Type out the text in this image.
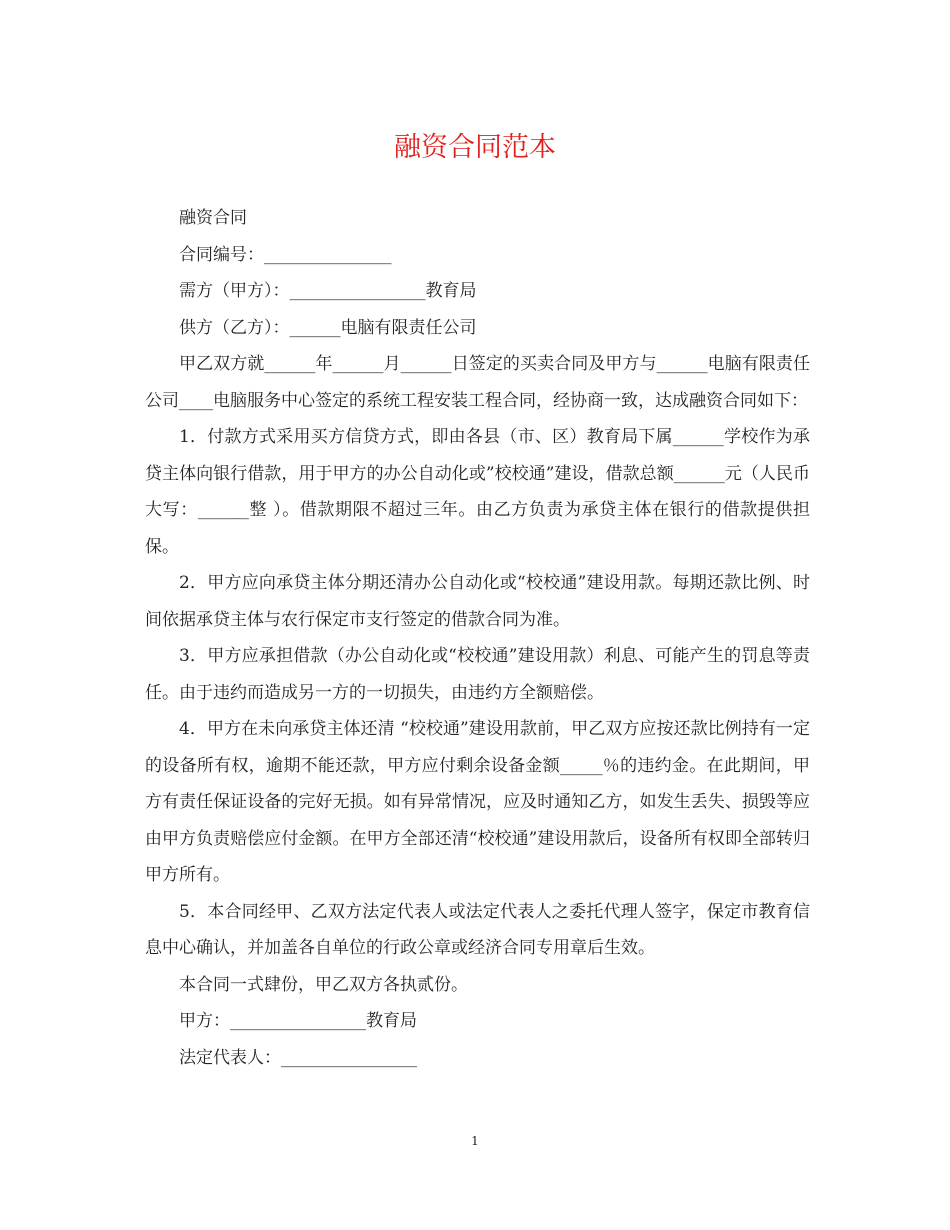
融资合同范本

融资合同

合同编号：_______________

需方（甲方）：________________教育局

供方（乙方）：______电脑有限责任公司

甲乙双方就______年______月______日签定的买卖合同及甲方与______电脑有限责任公司____电脑服务中心签定的系统工程安装工程合同，经协商一致，达成融资合同如下：

1．付款方式采用买方信贷方式，即由各县（市、区）教育局下属______学校作为承贷主体向银行借款，用于甲方的办公自动化或”校校通”建设，借款总额______元（人民币大写：______整 ）。借款期限不超过三年。由乙方负责为承贷主体在银行的借款提供担保。

2．甲方应向承贷主体分期还清办公自动化或“校校通”建设用款。每期还款比例、时间依据承贷主体与农行保定市支行签定的借款合同为准。

3．甲方应承担借款（办公自动化或“校校通”建设用款）利息、可能产生的罚息等责任。由于违约而造成另一方的一切损失，由违约方全额赔偿。

4．甲方在未向承贷主体还清 “校校通”建设用款前，甲乙双方应按还款比例持有一定的设备所有权，逾期不能还款，甲方应付剩余设备金额_____％的违约金。在此期间，甲方有责任保证设备的完好无损。如有异常情况，应及时通知乙方，如发生丢失、损毁等应由甲方负责赔偿应付金额。在甲方全部还清“校校通”建设用款后，设备所有权即全部转归甲方所有。

5．本合同经甲、乙双方法定代表人或法定代表人之委托代理人签字，保定市教育信息中心确认，并加盖各自单位的行政公章或经济合同专用章后生效。

本合同一式肆份，甲乙双方各执贰份。

甲方：________________教育局

法定代表人：________________

1
